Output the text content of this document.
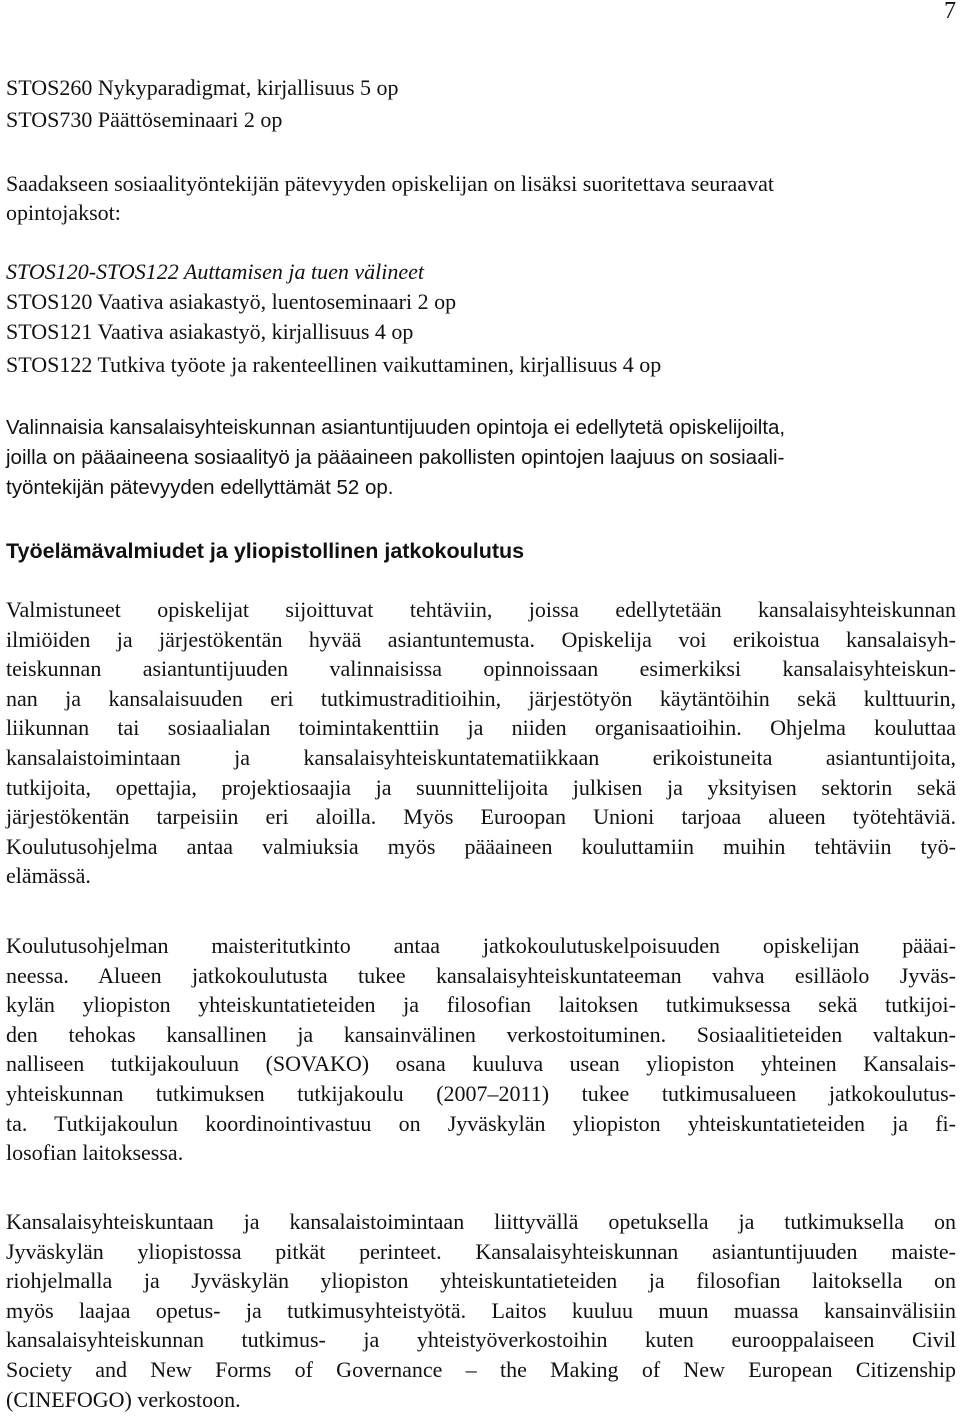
7
STOS260 Nykyparadigmat, kirjallisuus 5 op
STOS730 Päättöseminaari 2 op
Saadakseen sosiaalityöntekijän pätevyyden opiskelijan on lisäksi suoritettava seuraavat
opintojaksot:
STOS120-STOS122 Auttamisen ja tuen välineet
STOS120 Vaativa asiakastyö, luentoseminaari 2 op
STOS121 Vaativa asiakastyö, kirjallisuus 4 op
STOS122 Tutkiva työote ja rakenteellinen vaikuttaminen, kirjallisuus 4 op
Valinnaisia kansalaisyhteiskunnan asiantuntijuuden opintoja ei edellytetä opiskelijoilta,
joilla on pääaineena sosiaalityö ja pääaineen pakollisten opintojen laajuus on sosiaali-
työntekijän pätevyyden edellyttämät 52 op.
Työelämävalmiudet ja yliopistollinen jatkokoulutus
Valmistuneet opiskelijat sijoittuvat tehtäviin, joissa edellytetään kansalaisyhteiskunnan
ilmiöiden ja järjestökentän hyvää asiantuntemusta. Opiskelija voi erikoistua kansalaisyh-
teiskunnan asiantuntijuuden valinnaisissa opinnoissaan esimerkiksi kansalaisyhteiskun-
nan ja kansalaisuuden eri tutkimustraditioihin, järjestötyön käytäntöihin sekä kulttuurin,
liikunnan tai sosiaalialan toimintakenttiin ja niiden organisaatioihin. Ohjelma kouluttaa
kansalaistoimintaan ja kansalaisyhteiskuntatematiikkaan erikoistuneita asiantuntijoita,
tutkijoita, opettajia, projektiosaajia ja suunnittelijoita julkisen ja yksityisen sektorin sekä
järjestökentän tarpeisiin eri aloilla. Myös Euroopan Unioni tarjoaa alueen työtehtäviä.
Koulutusohjelma antaa valmiuksia myös pääaineen kouluttamiin muihin tehtäviin työ-
elämässä.
Koulutusohjelman maisteritutkinto antaa jatkokoulutuskelpoisuuden opiskelijan pääai-
neessa. Alueen jatkokoulutusta tukee kansalaisyhteiskuntateeman vahva esilläolo Jyväs-
kylän yliopiston yhteiskuntatieteiden ja filosofian laitoksen tutkimuksessa sekä tutkijoi-
den tehokas kansallinen ja kansainvälinen verkostoituminen. Sosiaalitieteiden valtakun-
nalliseen tutkijakouluun (SOVAKO) osana kuuluva usean yliopiston yhteinen Kansalais-
yhteiskunnan tutkimuksen tutkijakoulu (2007–2011) tukee tutkimusalueen jatkokoulutus-
ta. Tutkijakoulun koordinointivastuu on Jyväskylän yliopiston yhteiskuntatieteiden ja fi-
losofian laitoksessa.
Kansalaisyhteiskuntaan ja kansalaistoimintaan liittyvällä opetuksella ja tutkimuksella on
Jyväskylän yliopistossa pitkät perinteet. Kansalaisyhteiskunnan asiantuntijuuden maiste-
riohjelmalla ja Jyväskylän yliopiston yhteiskuntatieteiden ja filosofian laitoksella on
myös laajaa opetus- ja tutkimusyhteistyötä. Laitos kuuluu muun muassa kansainvälisiin
kansalaisyhteiskunnan tutkimus- ja yhteistyöverkostoihin kuten eurooppalaiseen Civil
Society and New Forms of Governance – the Making of New European Citizenship
(CINEFOGO) verkostoon.
